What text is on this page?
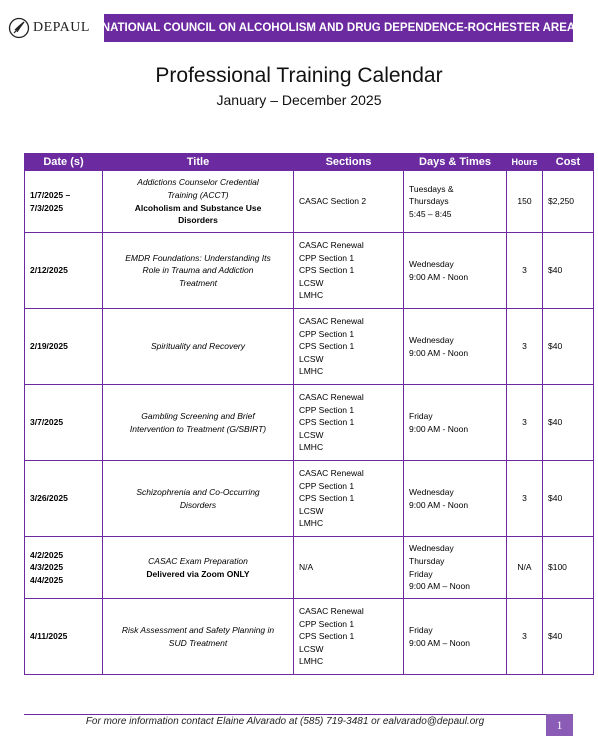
DEPAUL NATIONAL COUNCIL ON ALCOHOLISM AND DRUG DEPENDENCE-ROCHESTER AREA
Professional Training Calendar
January – December 2025
Date (s)	Title	Sections	Days & Times	Hours	Cost

1/7/2025 –
7/3/2025	Addictions Counselor Credential
Training (ACCT)
Alcoholism and Substance Use
Disorders	CASAC Section 2	Tuesdays &
Thursdays
5:45 – 8:45	150	$2,250

2/12/2025	EMDR Foundations: Understanding Its
Role in Trauma and Addiction
Treatment	CASAC Renewal
CPP Section 1
CPS Section 1
LCSW
LMHC	Wednesday
9:00 AM - Noon	3	$40

2/19/2025	Spirituality and Recovery	CASAC Renewal
CPP Section 1
CPS Section 1
LCSW
LMHC	Wednesday
9:00 AM - Noon	3	$40

3/7/2025	Gambling Screening and Brief
Intervention to Treatment (G/SBIRT)	CASAC Renewal
CPP Section 1
CPS Section 1
LCSW
LMHC	Friday
9:00 AM - Noon	3	$40

3/26/2025	Schizophrenia and Co-Occurring
Disorders	CASAC Renewal
CPP Section 1
CPS Section 1
LCSW
LMHC	Wednesday
9:00 AM - Noon	3	$40

4/2/2025
4/3/2025
4/4/2025	CASAC Exam Preparation
Delivered via Zoom ONLY	N/A	Wednesday
Thursday
Friday
9:00 AM – Noon	N/A	$100

4/11/2025	Risk Assessment and Safety Planning in
SUD Treatment	CASAC Renewal
CPP Section 1
CPS Section 1
LCSW
LMHC	Friday
9:00 AM – Noon	3	$40
For more information contact Elaine Alvarado at (585) 719-3481 or ealvarado@depaul.org	1
